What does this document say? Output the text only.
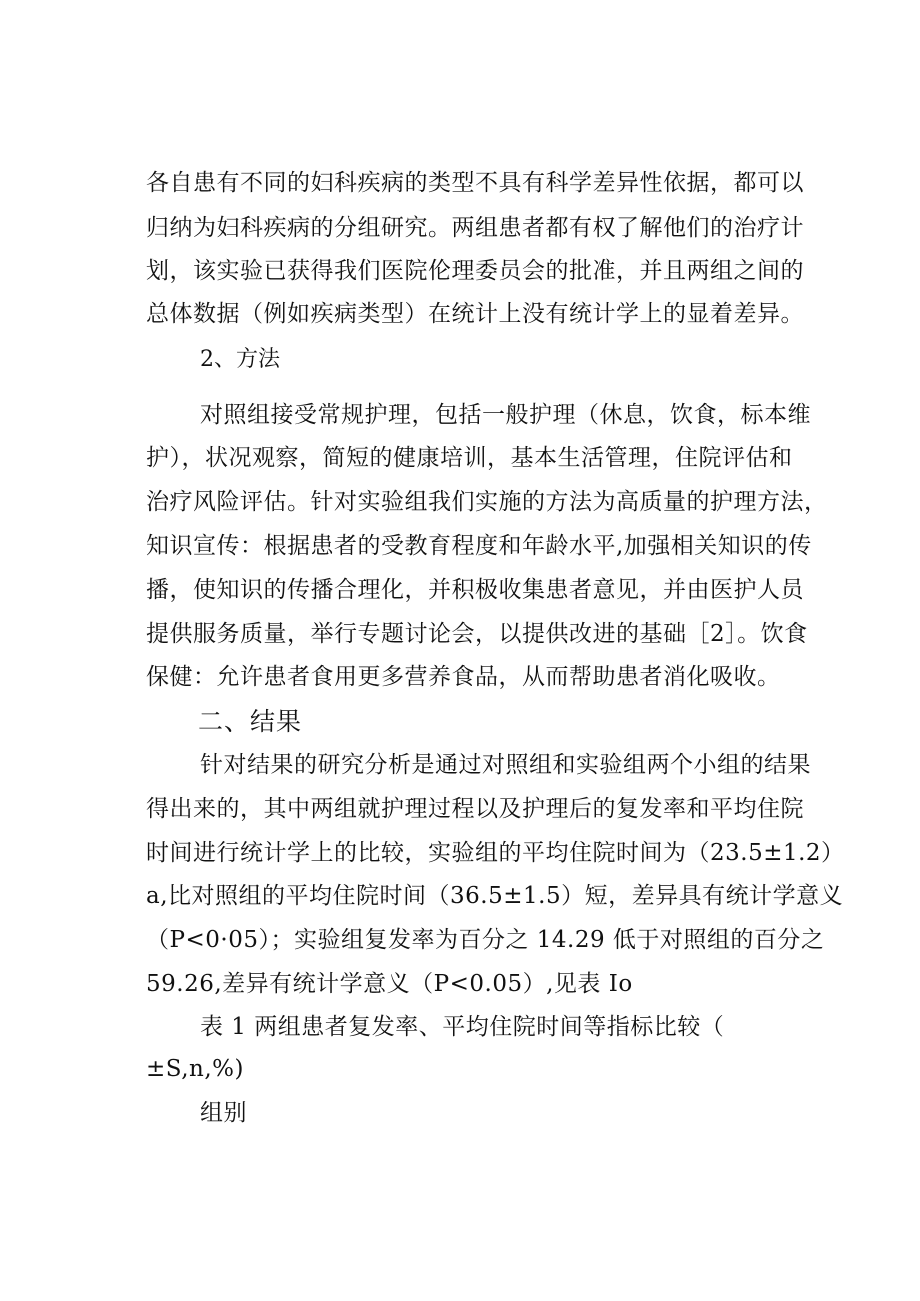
各自患有不同的妇科疾病的类型不具有科学差异性依据，都可以
归纳为妇科疾病的分组研究。两组患者都有权了解他们的治疗计
划，该实验已获得我们医院伦理委员会的批准，并且两组之间的
总体数据（例如疾病类型）在统计上没有统计学上的显着差异。
2、方法
对照组接受常规护理，包括一般护理（休息，饮食，标本维
护），状况观察，简短的健康培训，基本生活管理，住院评估和
治疗风险评估。针对实验组我们实施的方法为高质量的护理方法，
知识宣传：根据患者的受教育程度和年龄水平,加强相关知识的传
播，使知识的传播合理化，并积极收集患者意见，并由医护人员
提供服务质量，举行专题讨论会，以提供改进的基础［2］。饮食
保健：允许患者食用更多营养食品，从而帮助患者消化吸收。
二、结果
针对结果的研究分析是通过对照组和实验组两个小组的结果
得出来的，其中两组就护理过程以及护理后的复发率和平均住院
时间进行统计学上的比较，实验组的平均住院时间为（23.5±1.2）
a,比对照组的平均住院时间（36.5±1.5）短，差异具有统计学意义
（P<0·05）；实验组复发率为百分之 14.29 低于对照组的百分之
59.26,差异有统计学意义（P<0.05）,见表 Io
表 1 两组患者复发率、平均住院时间等指标比较（
±S,n,%)
组别
